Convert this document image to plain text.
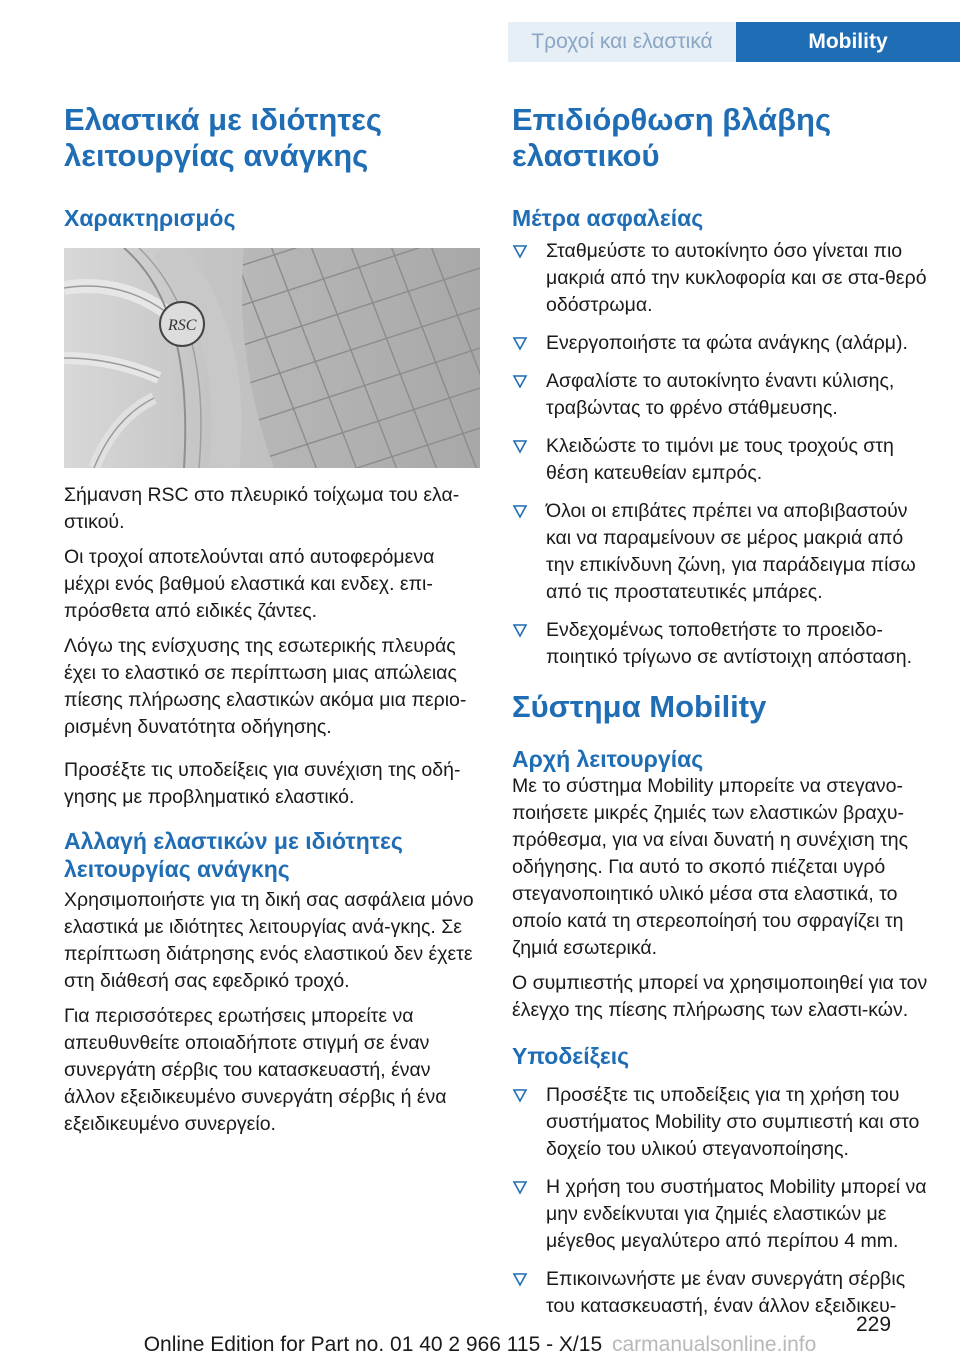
Τροχοί και ελαστικά	Mobility
Ελαστικά με ιδιότητες λειτουργίας ανάγκης
Χαρακτηρισμός
RSC

Σήμανση RSC στο πλευρικό τοίχωμα του ελα-στικού.

Οι τροχοί αποτελούνται από αυτοφερόμενα μέχρι ενός βαθμού ελαστικά και ενδεχ. επι-πρόσθετα από ειδικές ζάντες.

Λόγω της ενίσχυσης της εσωτερικής πλευράς έχει το ελαστικό σε περίπτωση μιας απώλειας πίεσης πλήρωσης ελαστικών ακόμα μια περιο-ρισμένη δυνατότητα οδήγησης.

Προσέξτε τις υποδείξεις για συνέχιση της οδή-γησης με προβληματικό ελαστικό.

Αλλαγή ελαστικών με ιδιότητες λειτουργίας ανάγκης

Χρησιμοποιήστε για τη δική σας ασφάλεια μόνο ελαστικά με ιδιότητες λειτουργίας ανά-γκης. Σε περίπτωση διάτρησης ενός ελαστικού δεν έχετε στη διάθεσή σας εφεδρικό τροχό.

Για περισσότερες ερωτήσεις μπορείτε να απευθυνθείτε οποιαδήποτε στιγμή σε έναν συνεργάτη σέρβις του κατασκευαστή, έναν άλλον εξειδικευμένο συνεργάτη σέρβις ή ένα εξειδικευμένο συνεργείο.

Επιδιόρθωση βλάβης ελαστικού
Μέτρα ασφαλείας
Σταθμεύστε το αυτοκίνητο όσο γίνεται πιο μακριά από την κυκλοφορία και σε στα-θερό οδόστρωμα.
Ενεργοποιήστε τα φώτα ανάγκης (αλάρμ).
Ασφαλίστε το αυτοκίνητο έναντι κύλισης, τραβώντας το φρένο στάθμευσης.
Κλειδώστε το τιμόνι με τους τροχούς στη θέση κατευθείαν εμπρός.
Όλοι οι επιβάτες πρέπει να αποβιβαστούν και να παραμείνουν σε μέρος μακριά από την επικίνδυνη ζώνη, για παράδειγμα πίσω από τις προστατευτικές μπάρες.
Ενδεχομένως τοποθετήστε το προειδο-ποιητικό τρίγωνο σε αντίστοιχη απόσταση.
Σύστημα Mobility
Αρχή λειτουργίας

Με το σύστημα Mobility μπορείτε να στεγανο-ποιήσετε μικρές ζημιές των ελαστικών βραχυ-πρόθεσμα, για να είναι δυνατή η συνέχιση της οδήγησης. Για αυτό το σκοπό πιέζεται υγρό στεγανοποιητικό υλικό μέσα στα ελαστικά, το οποίο κατά τη στερεοποίησή του σφραγίζει τη ζημιά εσωτερικά.

Ο συμπιεστής μπορεί να χρησιμοποιηθεί για τον έλεγχο της πίεσης πλήρωσης των ελαστι-κών.

Υποδείξεις
Προσέξτε τις υποδείξεις για τη χρήση του συστήματος Mobility στο συμπιεστή και στο δοχείο του υλικού στεγανοποίησης.
Η χρήση του συστήματος Mobility μπορεί να μην ενδείκνυται για ζημιές ελαστικών με μέγεθος μεγαλύτερο από περίπου 4 mm.
Επικοινωνήστε με έναν συνεργάτη σέρβις του κατασκευαστή, έναν άλλον εξειδικευ-
229
Online Edition for Part no. 01 40 2 966 115 - X/15 carmanualsonline.info
